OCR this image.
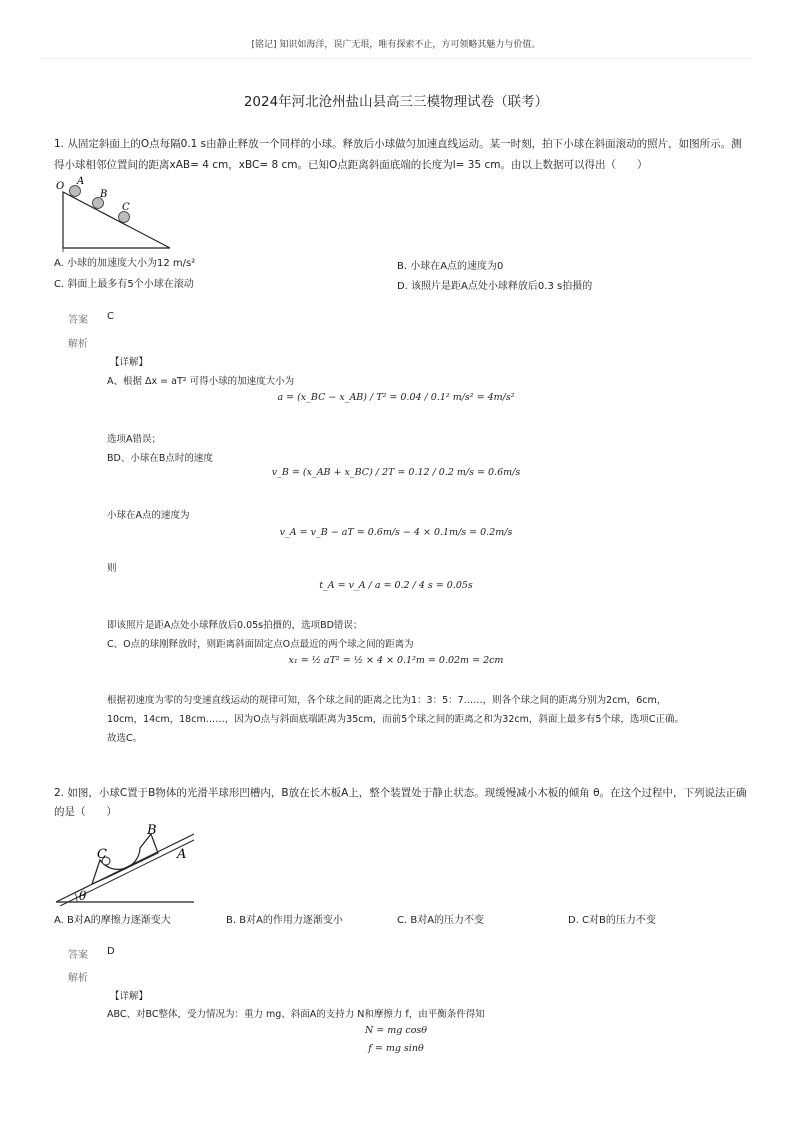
[铭记] 知识如海洋，误广无垠，唯有探索不止，方可领略其魅力与价值。
2024年河北沧州盐山县高三三模物理试卷（联考）
1. 从固定斜面上的O点每隔0.1 s由静止释放一个同样的小球。释放后小球做匀加速直线运动。某一时刻，拍下小球在斜面滚动的照片，如图所示。测
得小球相邻位置间的距离xAB= 4 cm，xBC= 8 cm。已知O点距离斜面底端的长度为l= 35 cm。由以上数据可以得出（　　）
O A
B
C
A. 小球的加速度大小为12 m/s²	B. 小球在A点的速度为0
C. 斜面上最多有5个小球在滚动	D. 该照片是距A点处小球释放后0.3 s拍摄的
答案 C
解析
【详解】
A、根据 Δx = aT² 可得小球的加速度大小为
a = (x_BC − x_AB) / T² = 0.04 / 0.1² m/s² = 4m/s²
选项A错误；
BD、小球在B点时的速度
v_B = (x_AB + x_BC) / 2T = 0.12 / 0.2 m/s = 0.6m/s
小球在A点的速度为
v_A = v_B − aT = 0.6m/s − 4 × 0.1m/s = 0.2m/s
则
t_A = v_A / a = 0.2 / 4 s = 0.05s
即该照片是距A点处小球释放后0.05s拍摄的，选项BD错误；
C、O点的球刚释放时，则距离斜面固定点O点最近的两个球之间的距离为
x₁ = ½ aT² = ½ × 4 × 0.1²m = 0.02m = 2cm
根据初速度为零的匀变速直线运动的规律可知，各个球之间的距离之比为1：3：5：7……，则各个球之间的距离分别为2cm，6cm，
10cm，14cm，18cm……，因为O点与斜面底端距离为35cm，而前5个球之间的距离之和为32cm，斜面上最多有5个球，选项C正确。
故选C。
2. 如图，小球C置于B物体的光滑半球形凹槽内，B放在长木板A上，整个装置处于静止状态。现缓慢减小木板的倾角 θ。在这个过程中，下列说法正确
的是（　　）
B
C	A
θ
A. B对A的摩擦力逐渐变大	B. B对A的作用力逐渐变小	C. B对A的压力不变	D. C对B的压力不变
答案 D
解析
【详解】
ABC、对BC整体，受力情况为：重力 mg、斜面A的支持力 N和摩擦力 f，由平衡条件得知
N = mg cosθ
f = mg sinθ
